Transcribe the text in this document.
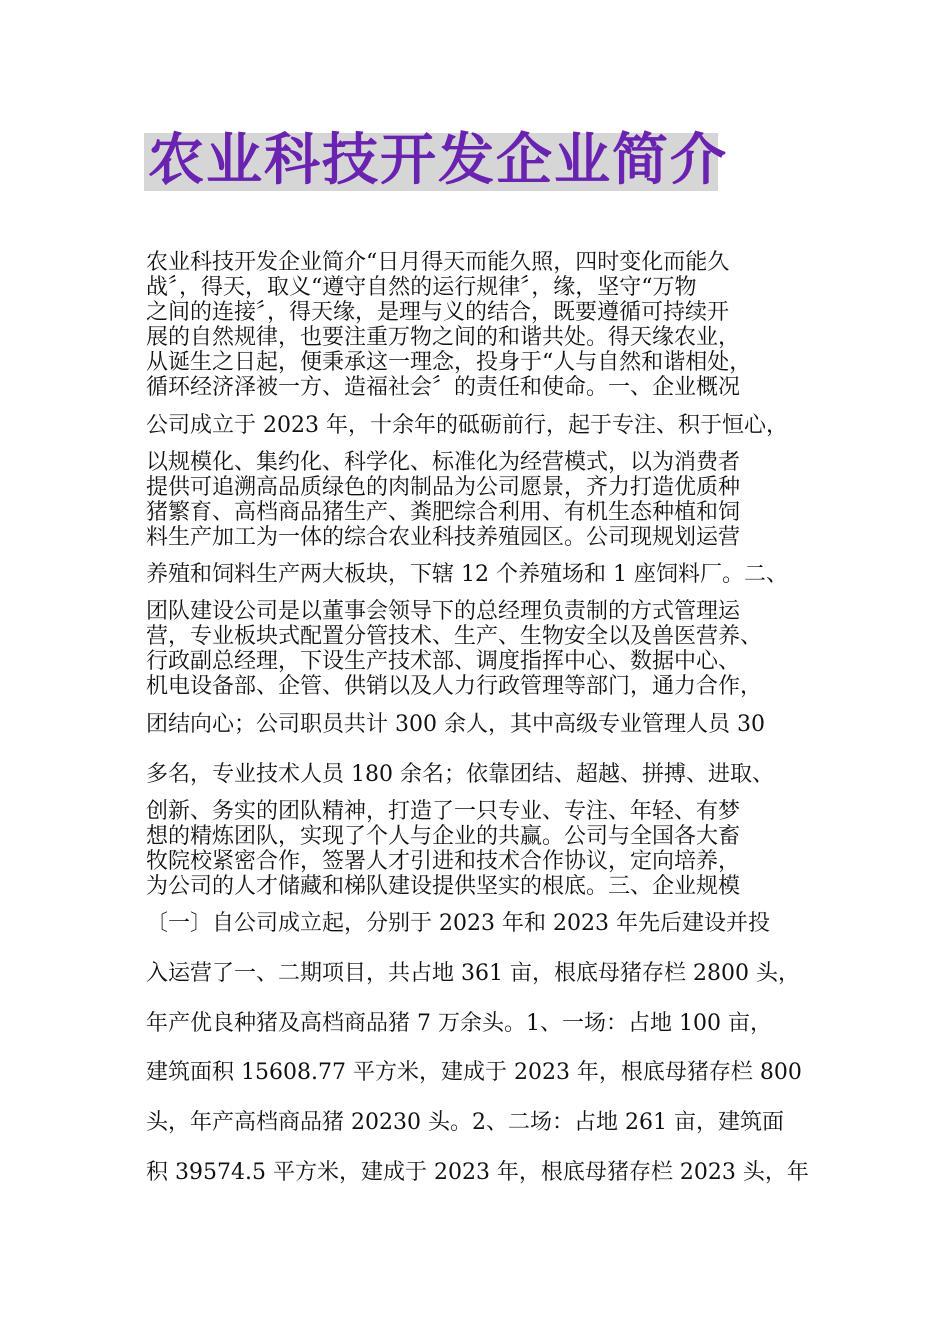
农业科技开发企业简介
农业科技开发企业简介“日月得天而能久照，四时变化而能久
战〞，得天，取义“遵守自然的运行规律〞，缘，坚守“万物
之间的连接〞，得天缘，是理与义的结合，既要遵循可持续开
展的自然规律，也要注重万物之间的和谐共处。得天缘农业，
从诞生之日起，便秉承这一理念，投身于“人与自然和谐相处，
循环经济泽被一方、造福社会〞的责任和使命。一、企业概况
公司成立于 2023 年，十余年的砥砺前行，起于专注、积于恒心，
以规模化、集约化、科学化、标准化为经营模式，以为消费者
提供可追溯高品质绿色的肉制品为公司愿景，齐力打造优质种
猪繁育、高档商品猪生产、粪肥综合利用、有机生态种植和饲
料生产加工为一体的综合农业科技养殖园区。公司现规划运营
养殖和饲料生产两大板块，下辖 12 个养殖场和 1 座饲料厂。二、
团队建设公司是以董事会领导下的总经理负责制的方式管理运
营，专业板块式配置分管技术、生产、生物安全以及兽医营养、
行政副总经理，下设生产技术部、调度指挥中心、数据中心、
机电设备部、企管、供销以及人力行政管理等部门，通力合作，
团结向心；公司职员共计 300 余人，其中高级专业管理人员 30
多名，专业技术人员 180 余名；依靠团结、超越、拼搏、进取、
创新、务实的团队精神，打造了一只专业、专注、年轻、有梦
想的精炼团队，实现了个人与企业的共赢。公司与全国各大畜
牧院校紧密合作，签署人才引进和技术合作协议，定向培养，
为公司的人才储藏和梯队建设提供坚实的根底。三、企业规模
〔一〕自公司成立起，分别于 2023 年和 2023 年先后建设并投
入运营了一、二期项目，共占地 361 亩，根底母猪存栏 2800 头，
年产优良种猪及高档商品猪 7 万余头。1、一场：占地 100 亩，
建筑面积 15608.77 平方米，建成于 2023 年，根底母猪存栏 800
头，年产高档商品猪 20230 头。2、二场：占地 261 亩，建筑面
积 39574.5 平方米，建成于 2023 年，根底母猪存栏 2023 头，年
